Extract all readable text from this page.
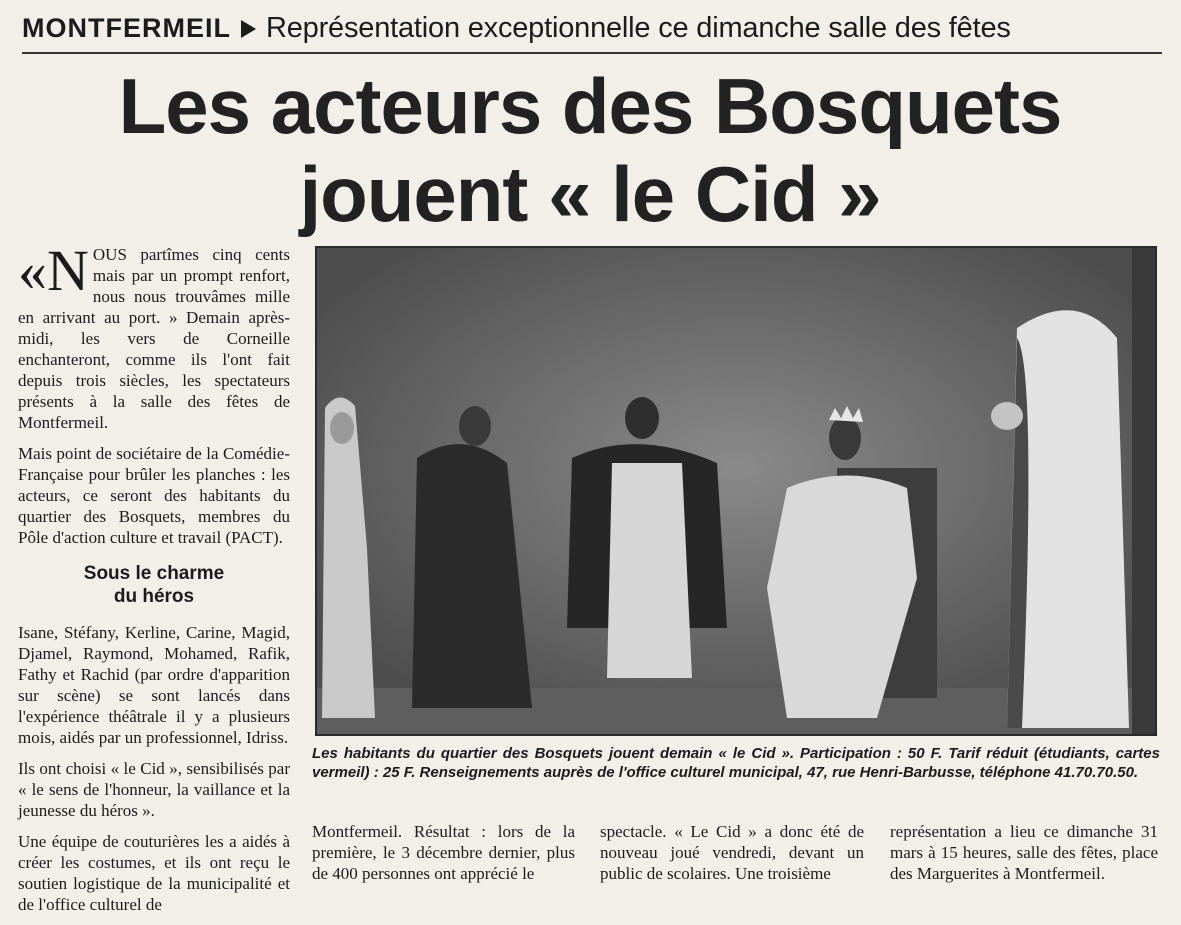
MONTFERMEIL Représentation exceptionnelle ce dimanche salle des fêtes
Les acteurs des Bosquets
jouent « le Cid »

«N OUS partîmes cinq cents mais par un prompt renfort, nous nous trouvâmes mille en arrivant au port. » Demain après-midi, les vers de Corneille enchanteront, comme ils l'ont fait depuis trois siècles, les spectateurs présents à la salle des fêtes de Montfermeil.

Mais point de sociétaire de la Comédie-Française pour brûler les planches : les acteurs, ce seront des habitants du quartier des Bosquets, membres du Pôle d'action culture et travail (PACT).

Sous le charme
du héros

Isane, Stéfany, Kerline, Carine, Magid, Djamel, Raymond, Mohamed, Rafik, Fathy et Rachid (par ordre d'apparition sur scène) se sont lancés dans l'expérience théâtrale il y a plusieurs mois, aidés par un professionnel, Idriss.

Ils ont choisi « le Cid », sensibilisés par « le sens de l'honneur, la vaillance et la jeunesse du héros ».

Une équipe de couturières les a aidés à créer les costumes, et ils ont reçu le soutien logistique de la municipalité et de l'office culturel de

Les habitants du quartier des Bosquets jouent demain « le Cid ». Participation : 50 F. Tarif réduit (étudiants, cartes vermeil) : 25 F. Renseignements auprès de l'office culturel municipal, 47, rue Henri-Barbusse, téléphone 41.70.70.50.

Montfermeil. Résultat : lors de la première, le 3 décembre dernier, plus de 400 personnes ont apprécié le

spectacle. « Le Cid » a donc été de nouveau joué vendredi, devant un public de scolaires. Une troisième

représentation a lieu ce dimanche 31 mars à 15 heures, salle des fêtes, place des Marguerites à Montfermeil.
